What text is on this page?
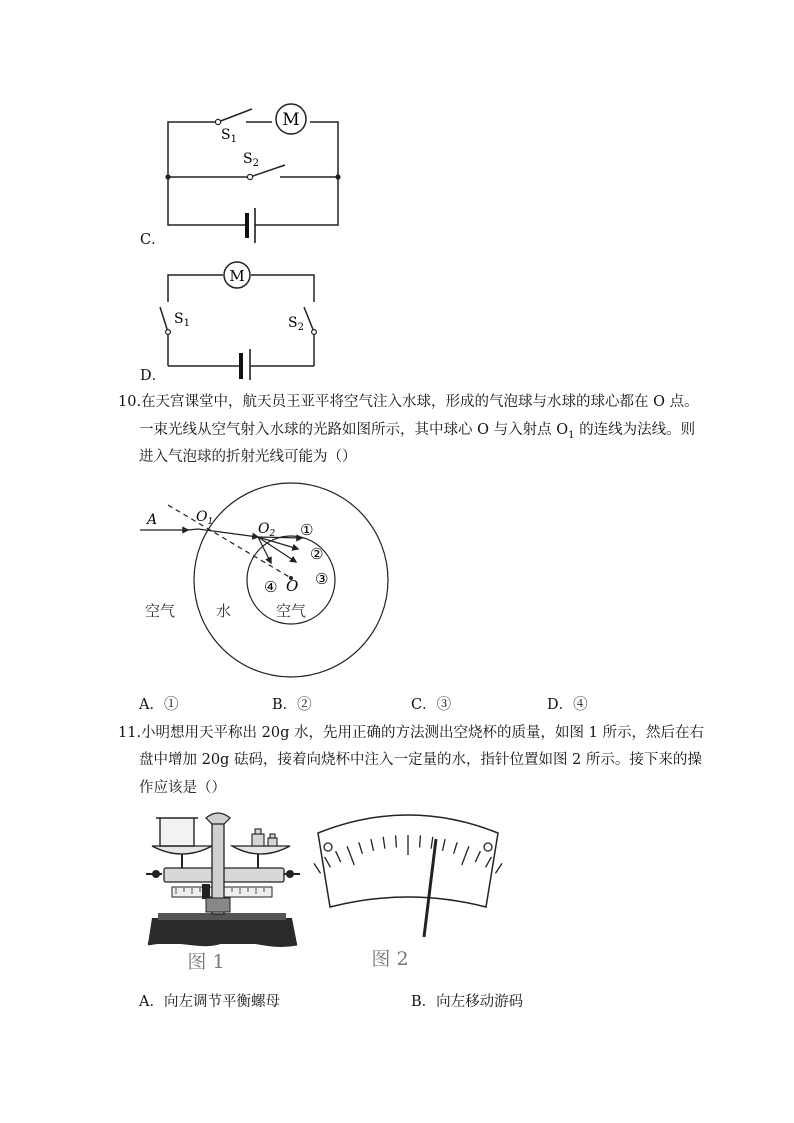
M
$S_1$
$S_2$
C．
M
$S_1$	$S_2$
D．
10.在天宫课堂中，航天员王亚平将空气注入水球，形成的气泡球与水球的球心都在 O 点。
一束光线从空气射入水球的光路如图所示，其中球心 O 与入射点 $O_1$ 的连线为法线。则
进入气泡球的折射光线可能为（）
A	$O_1$	$O_2$
O
①
②
③
④
空气	水	空气
A．①	B．②	C．③	D．④
11.小明想用天平称出 20g 水，先用正确的方法测出空烧杯的质量，如图 1 所示，然后在右
盘中增加 20g 砝码，接着向烧杯中注入一定量的水，指针位置如图 2 所示。接下来的操
作应该是（）
图 1	图 2
A．向左调节平衡螺母	B．向左移动游码
